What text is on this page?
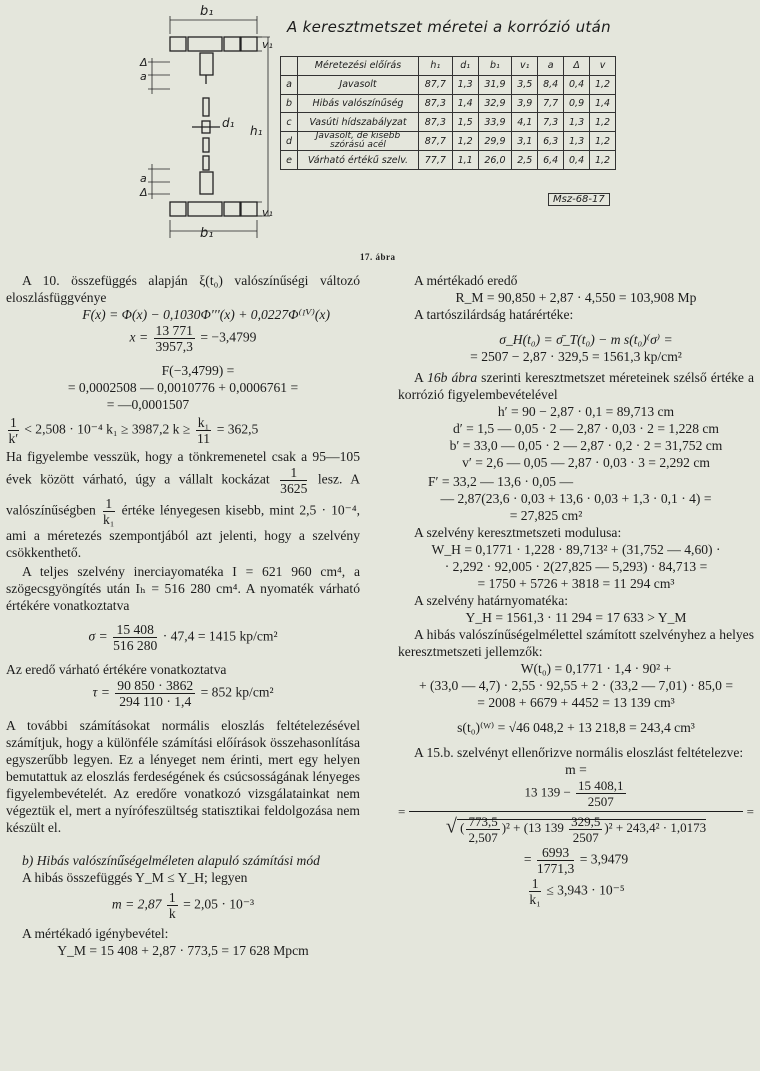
b₁
v₁
Δ
a
d₁
h₁
a
Δ
v₁
b₁
A keresztmetszet méretei a korrózió után
	Méretezési előírás	h₁	d₁	b₁	v₁	a	Δ	v
a	Javasolt	87,7	1,3	31,9	3,5	8,4	0,4	1,2
b	Hibás valószínűség	87,3	1,4	32,9	3,9	7,7	0,9	1,4
c	Vasúti hídszabályzat	87,3	1,5	33,9	4,1	7,3	1,3	1,2
d	Javasolt, de kisebb szórású acél	87,7	1,2	29,9	3,1	6,3	1,3	1,2
e	Várható értékű szelv.	77,7	1,1	26,0	2,5	6,4	0,4	1,2
Msz-68-17
17. ábra

A 10. összefüggés alapján ξ(t₀) valószínűségi változó eloszlásfüggvénye

F(x) = Φ(x) − 0,1030Φ′′′(x) + 0,0227Φ⁽ᴵⱽ⁾(x)

$x = \frac{13 771}{3957,3} = -3,4799$

F(−3,4799) =

= 0,0002508 — 0,0010776 + 0,0006761 =

= —0,0001507

$\frac{1}{k'} < 2,508 \cdot 10^{-4}$ k₁ ≥ 3987,2 $k \ge \frac{\text{k₁}}{11} = 362,5$

Ha figyelembe vesszük, hogy a tönkremenetel csak a 95—105 évek között várható, úgy a vállalt kockázat $\frac{1}{3625}$ lesz. A valószínűségben $\frac{1}{\text{k₁}}$ értéke lényegesen kisebb, mint 2,5 · 10⁻⁴, ami a méretezés szempontjából azt jelenti, hogy a szelvény csökkenthető.

A teljes szelvény inerciayomatéka I = 621 960 cm⁴, a szögecsgyöngítés után Iₕ = 516 280 cm⁴. A nyomaték várható értékére vonatkoztatva

$\sigma = \frac{15 408}{516 280} \cdot 47,4 = 1415$ kp/cm²

Az eredő várható értékére vonatkoztatva

$\tau = \frac{90 850 \cdot 3862}{294 110 \cdot 1,4} = 852$ kp/cm²

A további számításokat normális eloszlás feltételezésével számítjuk, hogy a különféle számítási előírások összehasonlítása egyszerűbb legyen. Ez a lényeget nem érinti, mert egy helyen bemutattuk az eloszlás ferdeségének és csúcsosságának lényeges figyelembevételét. Az eredőre vonatkozó vizsgálatainkat nem végeztük el, mert a nyírófeszültség statisztikai feldolgozása nem készült el.

b) Hibás valószínűségelméleten alapuló számítási mód

A hibás összefüggés Y_M ≤ Y_H; legyen

$m = 2,87 \frac{1}{k} = 2,05 \cdot 10^{-3}$

A mértékadó igénybevétel:

Y_M = 15 408 + 2,87 · 773,5 = 17 628 Mpcm

A mértékadó eredő

R_M = 90,850 + 2,87 · 4,550 = 103,908 Mp

A tartószilárdság határértéke:

σ_H(t₀) = σ̄_T(t₀) − m s(t₀)⁽σ⁾ =

= 2507 − 2,87 · 329,5 = 1561,3 kp/cm²

A 16b ábra szerinti keresztmetszet méreteinek szélső értéke a korrózió figyelembevételével

h′ = 90 − 2,87 · 0,1 = 89,713 cm

d′ = 1,5 — 0,05 · 2 — 2,87 · 0,03 · 2 = 1,228 cm

b′ = 33,0 — 0,05 · 2 — 2,87 · 0,2 · 2 = 31,752 cm

v′ = 2,6 — 0,05 — 2,87 · 0,03 · 3 = 2,292 cm

F′ = 33,2 — 13,6 · 0,05 —

— 2,87(23,6 · 0,03 + 13,6 · 0,03 + 1,3 · 0,1 · 4) =

= 27,825 cm²

A szelvény keresztmetszeti modulusa:

W_H = 0,1771 · 1,228 · 89,713² + (31,752 — 4,60) ·

· 2,292 · 92,005 · 2(27,825 — 5,293) · 84,713 =

= 1750 + 5726 + 3818 = 11 294 cm³

A szelvény határnyomatéka:

Y_H = 1561,3 · 11 294 = 17 633 > Y_M

A hibás valószínűségelmélettel számított szelvényhez a helyes keresztmetszeti jellemzők:

W(t₀) = 0,1771 · 1,4 · 90² +

+ (33,0 — 4,7) · 2,55 · 92,55 + 2 · (33,2 — 7,01) · 85,0 =

= 2008 + 6679 + 4452 = 13 139 cm³

s(t₀)⁽ᵂ⁾ = √46 048,2 + 13 218,8 = 243,4 cm³

A 15.b. szelvényt ellenőrizve normális eloszlást feltételezve:

m =

=
13 $139 - \frac{15 408,1}{2507}$
√ ( $\frac{773,5}{2,507} )^2 + (13$ $139 \frac{329,5}{2507} )^2 + 243,4^2 \cdot 1,0173$
=

= $\frac{6993}{1771,3} = 3,9479$

$\frac{1}{\text{k₁}} \le 3,943 \cdot 10^{-5}$
